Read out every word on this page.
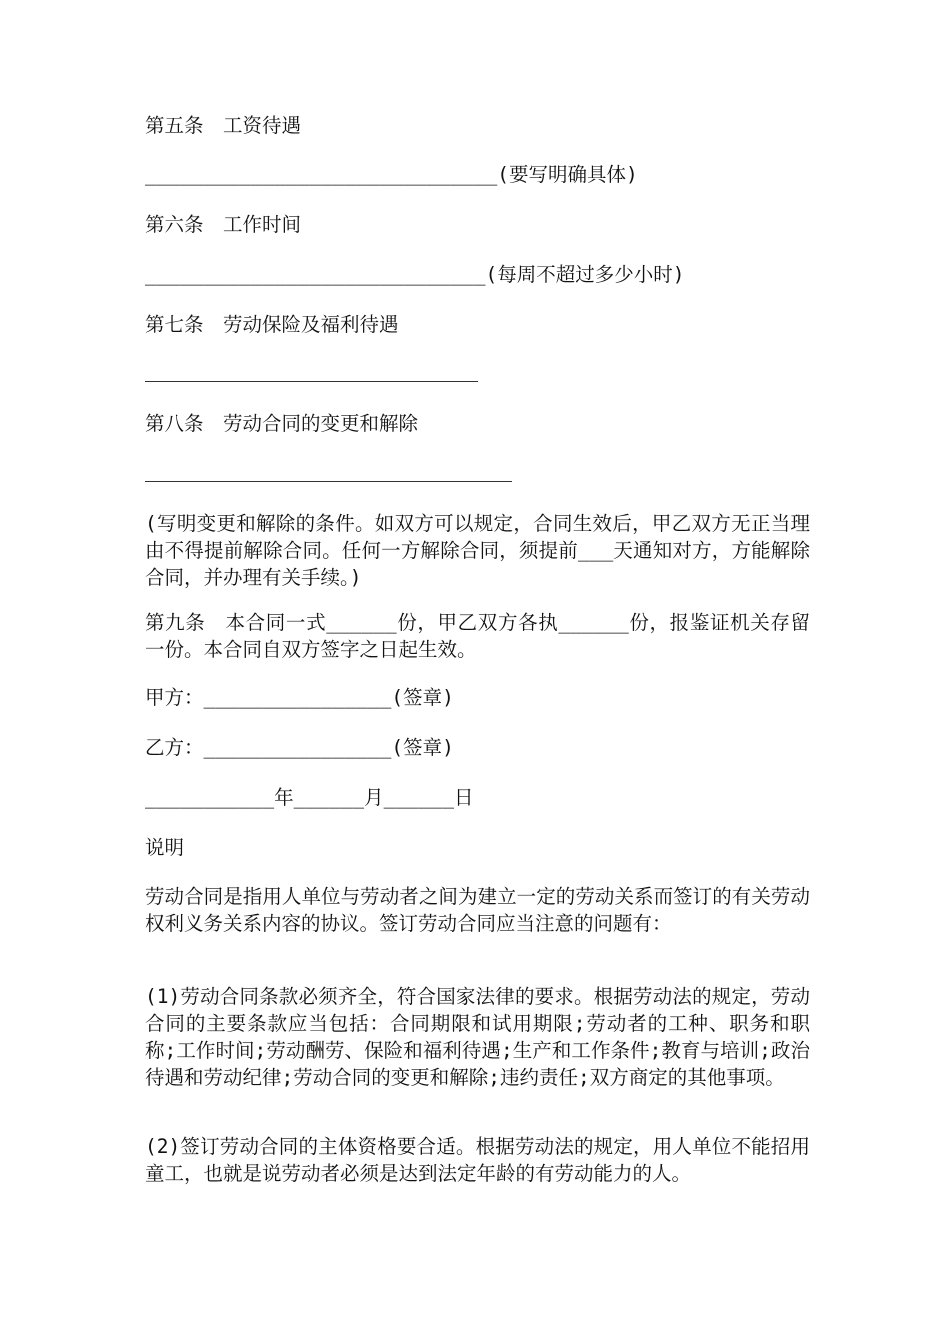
第五条　工资待遇
______________________________(要写明确具体)
第六条　工作时间
_____________________________(每周不超过多少小时)
第七条　劳动保险及福利待遇
第八条　劳动合同的变更和解除
(写明变更和解除的条件。如双方可以规定，合同生效后，甲乙双方无正当理由不得提前解除合同。任何一方解除合同，须提前___天通知对方，方能解除合同，并办理有关手续。)
第九条　本合同一式______份，甲乙双方各执______份，报鉴证机关存留一份。本合同自双方签字之日起生效。
甲方：________________(签章)
乙方：________________(签章)
___________年______月______日
说明
劳动合同是指用人单位与劳动者之间为建立一定的劳动关系而签订的有关劳动权利义务关系内容的协议。签订劳动合同应当注意的问题有：
(1)劳动合同条款必须齐全，符合国家法律的要求。根据劳动法的规定，劳动合同的主要条款应当包括：合同期限和试用期限;劳动者的工种、职务和职称;工作时间;劳动酬劳、保险和福利待遇;生产和工作条件;教育与培训;政治待遇和劳动纪律;劳动合同的变更和解除;违约责任;双方商定的其他事项。
(2)签订劳动合同的主体资格要合适。根据劳动法的规定，用人单位不能招用童工，也就是说劳动者必须是达到法定年龄的有劳动能力的人。
